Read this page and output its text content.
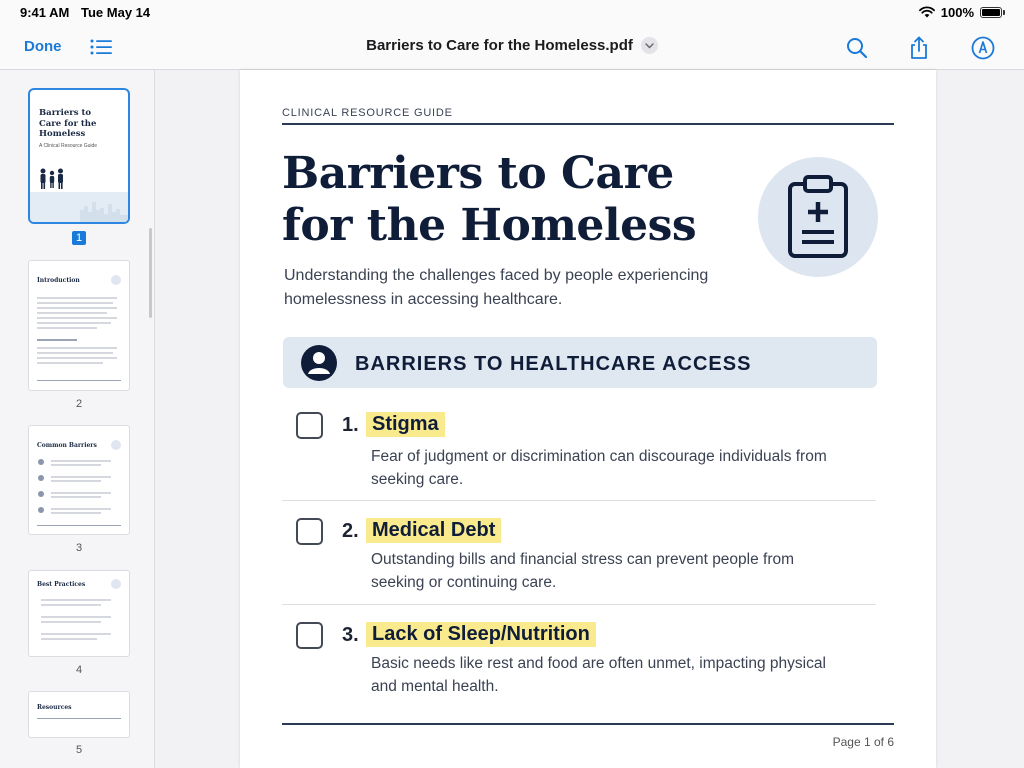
9:41 AM Tue May 14	100%
Done	Barriers to Care for the Homeless.pdf
Barriers to
Care for the
Homeless
A Clinical Resource Guide
1
Introduction
2
Common Barriers
3
Best Practices
4
Resources
5
CLINICAL RESOURCE GUIDE
Barriers to Care for the Homeless
Understanding the challenges faced by people experiencing homelessness in accessing healthcare.
BARRIERS TO HEALTHCARE ACCESS
1. Stigma
Fear of judgment or discrimination can discourage individuals from seeking care.
2. Medical Debt
Outstanding bills and financial stress can prevent people from seeking or continuing care.
3. Lack of Sleep/Nutrition
Basic needs like rest and food are often unmet, impacting physical and mental health.
Page 1 of 6
